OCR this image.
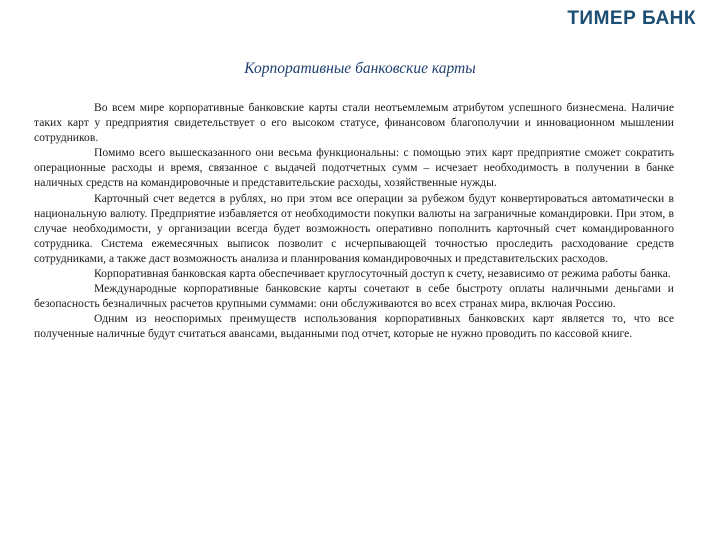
ТИМЕР БАНК
Корпоративные банковские карты

Во всем мире корпоративные банковские карты стали неотъемлемым атрибутом успешного бизнесмена. Наличие таких карт у предприятия свидетельствует о его высоком статусе, финансовом благополучии и инновационном мышлении сотрудников.

Помимо всего вышесказанного они весьма функциональны: с помощью этих карт предприятие сможет сократить операционные расходы и время, связанное с выдачей подотчетных сумм – исчезает необходимость в получении в банке наличных средств на командировочные и представительские расходы, хозяйственные нужды.

Карточный счет ведется в рублях, но при этом все операции за рубежом будут конвертироваться автоматически в национальную валюту. Предприятие избавляется от необходимости покупки валюты на заграничные командировки. При этом, в случае необходимости, у организации всегда будет возможность оперативно пополнить карточный счет командированного сотрудника. Система ежемесячных выписок позволит с исчерпывающей точностью проследить расходование средств сотрудниками, а также даст возможность анализа и планирования командировочных и представительских расходов.

Корпоративная банковская карта обеспечивает круглосуточный доступ к счету, независимо от режима работы банка.

Международные корпоративные банковские карты сочетают в себе быстроту оплаты наличными деньгами и безопасность безналичных расчетов крупными суммами: они обслуживаются во всех странах мира, включая Россию.

Одним из неоспоримых преимуществ использования корпоративных банковских карт является то, что все полученные наличные будут считаться авансами, выданными под отчет, которые не нужно проводить по кассовой книге.
